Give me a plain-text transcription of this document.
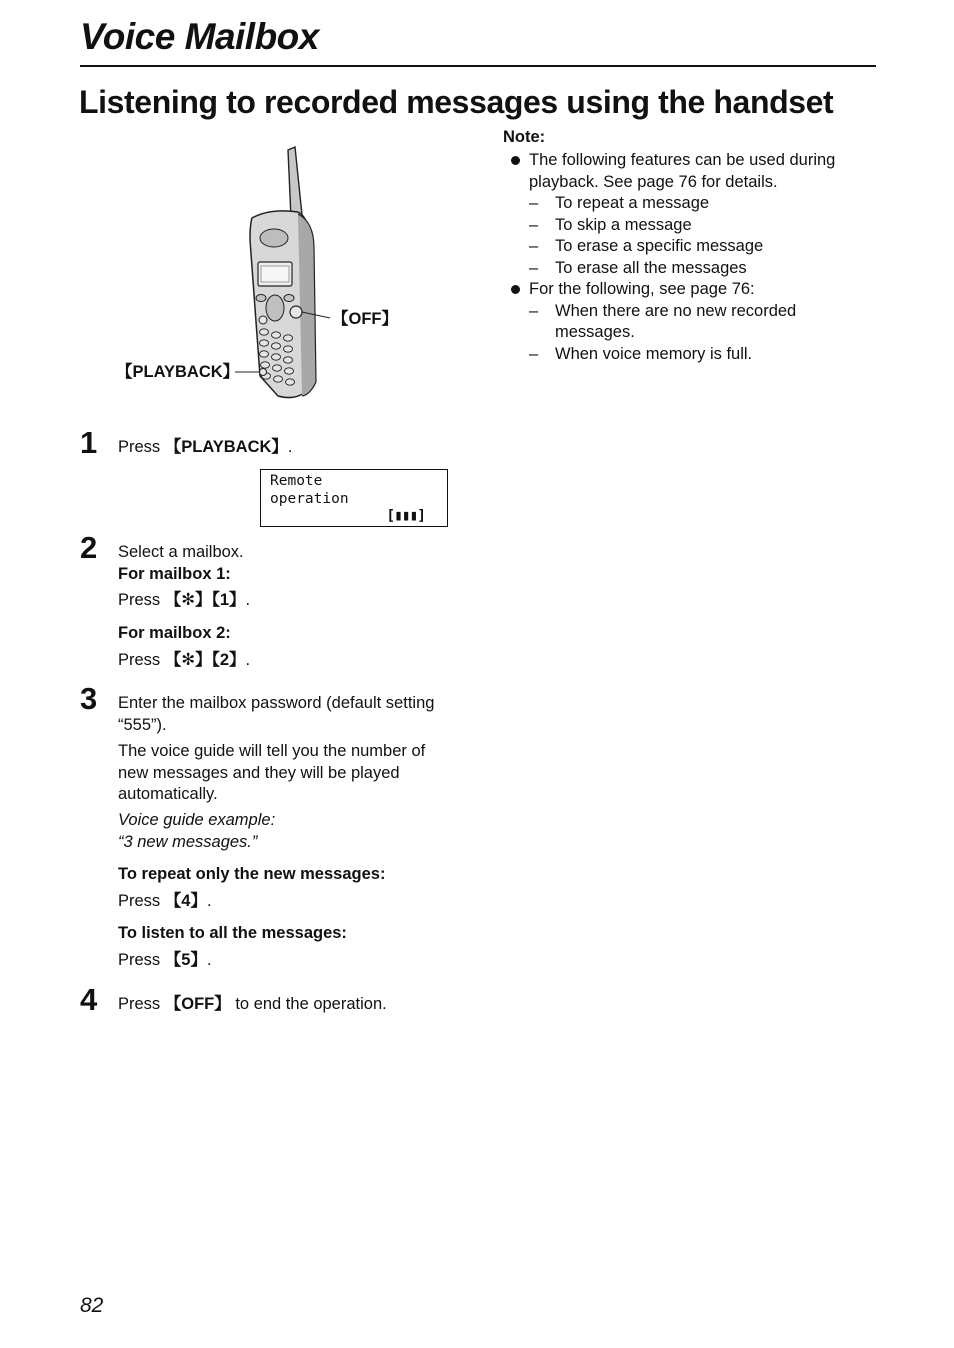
Voice Mailbox
Listening to recorded messages using the handset
【OFF】
【PLAYBACK】
1 Press 【PLAYBACK】.
Remote
operation
[▮▮▮]
2 Select a mailbox.
For mailbox 1:
Press 【✻】【1】.
For mailbox 2:
Press 【✻】【2】.
3 Enter the mailbox password (default setting “555”).
The voice guide will tell you the number of new messages and they will be played automatically.
Voice guide example:
“3 new messages.”
To repeat only the new messages:
Press 【4】.
To listen to all the messages:
Press 【5】.
4 Press 【OFF】 to end the operation.
Note:
The following features can be used during playback. See page 76 for details.
– To repeat a message
– To skip a message
– To erase a specific message
– To erase all the messages
For the following, see page 76:
– When there are no new recorded messages.
– When voice memory is full.
82
